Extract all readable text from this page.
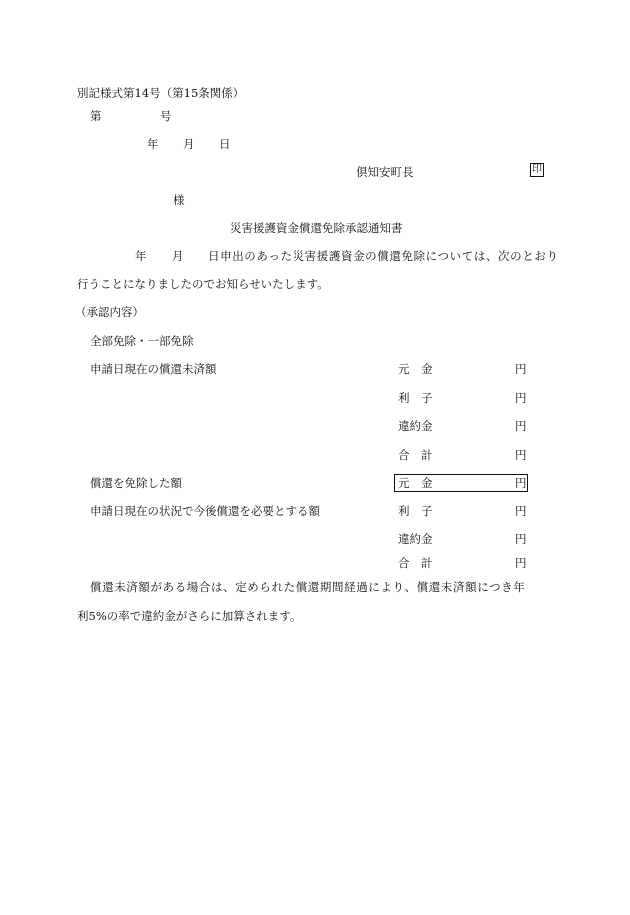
別記様式第14号（第15条関係）
第	号
年 月 日
倶知安町長	印
様
災害援護資金償還免除承認通知書
年 月 日申出のあった災害援護資金の償還免除については、次のとおり
行うことになりましたのでお知らせいたします。
（承認内容）
全部免除・一部免除
申請日現在の償還未済額	元　金	円
利　子	円
違約金	円
合　計	円
償還を免除した額	元　金	円
申請日現在の状況で今後償還を必要とする額	利　子	円
違約金	円
合　計	円
償還未済額がある場合は、定められた償還期間経過により、償還未済額につき年
利5%の率で違約金がさらに加算されます。
